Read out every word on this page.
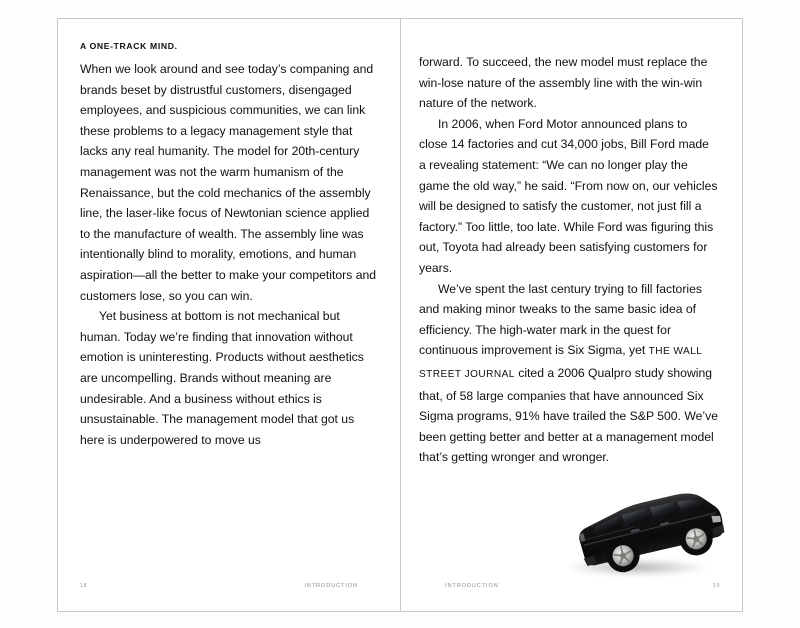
A ONE-TRACK MIND.

When we look around and see today’s companing and brands beset by distrustful customers, disengaged employees, and suspicious communities, we can link these problems to a legacy management style that lacks any real humanity. The model for 20th-century management was not the warm humanism of the Renaissance, but the cold mechanics of the assembly line, the laser-like focus of Newtonian science applied to the manufacture of wealth. The assembly line was intentionally blind to morality, emotions, and human aspiration—all the better to make your competitors and customers lose, so you can win.

Yet business at bottom is not mechanical but human. Today we’re finding that innovation without emotion is uninteresting. Products without aesthetics are uncompelling. Brands without meaning are undesirable. And a business without ethics is unsustainable. The management model that got us here is underpowered to move us

INTRODUCTION
18

forward. To succeed, the new model must replace the win-lose nature of the assembly line with the win-win nature of the network.

In 2006, when Ford Motor announced plans to close 14 factories and cut 34,000 jobs, Bill Ford made a revealing statement: “We can no longer play the game the old way,” he said. “From now on, our vehicles will be designed to satisfy the customer, not just fill a factory.” Too little, too late. While Ford was figuring this out, Toyota had already been satisfying customers for years.

We’ve spent the last century trying to fill factories and making minor tweaks to the same basic idea of efficiency. The high-water mark in the quest for continuous improvement is Six Sigma, yet THE WALL STREET JOURNAL cited a 2006 Qualpro study showing that, of 58 large companies that have announced Six Sigma programs, 91% have trailed the S&P 500. We’ve been getting better and better at a management model that’s getting wronger and wronger.

INTRODUCTION	19
